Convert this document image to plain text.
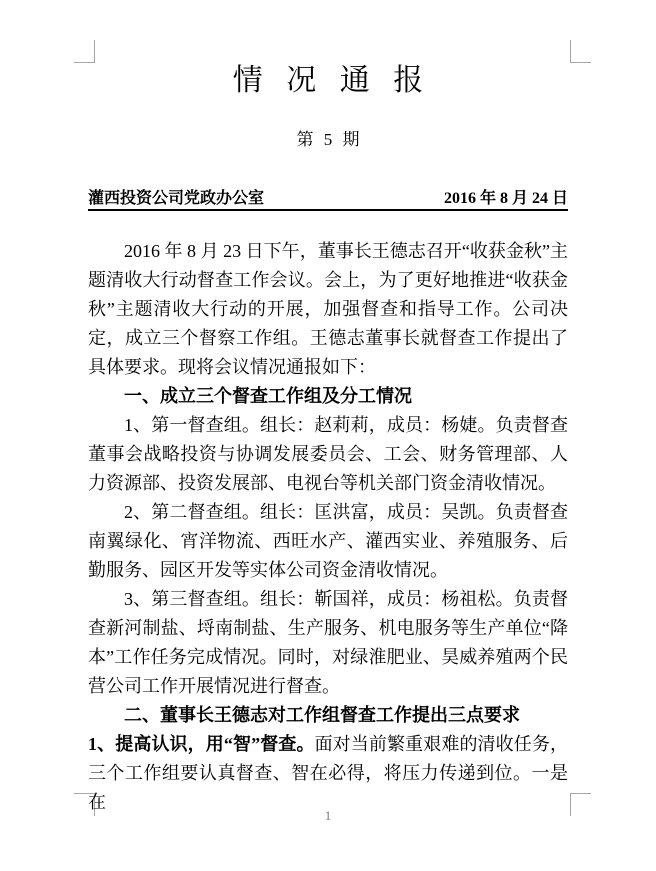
情 况 通 报
第 5 期
灌西投资公司党政办公室	2016 年 8 月 24 日

2016 年 8 月 23 日下午，董事长王德志召开“收获金秋”主题清收大行动督查工作会议。会上，为了更好地推进“收获金秋”主题清收大行动的开展，加强督查和指导工作。公司决定，成立三个督察工作组。王德志董事长就督查工作提出了具体要求。现将会议情况通报如下：

一、成立三个督查工作组及分工情况

1、第一督查组。组长：赵莉莉，成员：杨婕。负责督查董事会战略投资与协调发展委员会、工会、财务管理部、人力资源部、投资发展部、电视台等机关部门资金清收情况。

2、第二督查组。组长：匡洪富，成员：吴凯。负责督查南翼绿化、宵洋物流、西旺水产、灌西实业、养殖服务、后勤服务、园区开发等实体公司资金清收情况。

3、第三督查组。组长：靳国祥，成员：杨祖松。负责督查新河制盐、埒南制盐、生产服务、机电服务等生产单位“降本”工作任务完成情况。同时，对绿淮肥业、昊威养殖两个民营公司工作开展情况进行督查。

二、董事长王德志对工作组督查工作提出三点要求

1、提高认识，用“智”督查。面对当前繁重艰难的清收任务，三个工作组要认真督查、智在必得，将压力传递到位。一是在

1
